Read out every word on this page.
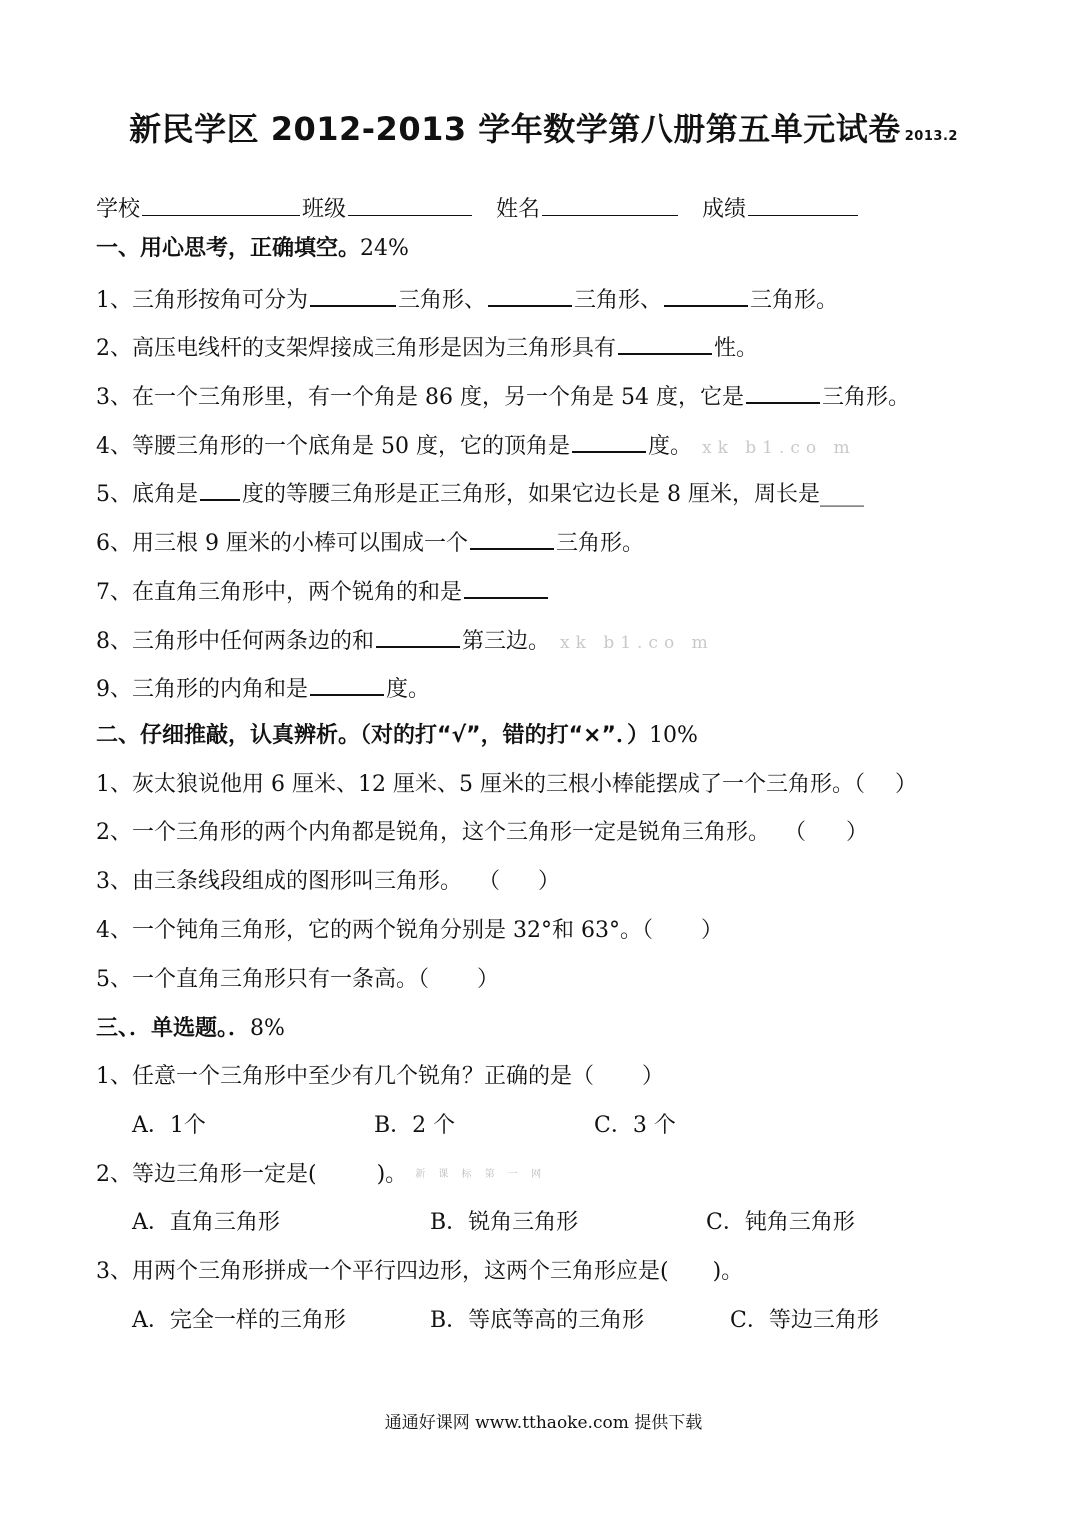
新民学区 2012-2013 学年数学第八册第五单元试卷 2013.2
学校	班级	姓名	成绩
一、用心思考，正确填空。24%
1、三角形按角可分为	三角形、	三角形、	三角形。
2、高压电线杆的支架焊接成三角形是因为三角形具有	性。
3、在一个三角形里，有一个角是 86 度，另一个角是 54 度，它是	三角形。
4、等腰三角形的一个底角是 50 度，它的顶角是	度。 xk b1.co m
5、底角是 度的等腰三角形是正三角形，如果它边长是 8 厘米，周长是____
6、用三根 9 厘米的小棒可以围成一个	三角形。
7、在直角三角形中，两个锐角的和是
8、三角形中任何两条边的和	第三边。 xk b1.co m
9、三角形的内角和是	度。
二、仔细推敲，认真辨析。（对的打“√”，错的打“×”．）10%
1、灰太狼说他用 6 厘米、12 厘米、5 厘米的三根小棒能摆成了一个三角形。（ ）
2、一个三角形的两个内角都是锐角，这个三角形一定是锐角三角形。 （ ）
3、由三条线段组成的图形叫三角形。 （ ）
4、一个钝角三角形，它的两个锐角分别是 32°和 63°。（ ）
5、一个直角三角形只有一条高。（ ）
三、．单选题。．8%
1、任意一个三角形中至少有几个锐角？正确的是（ ）
A．1个	B．2 个	C．3 个
2、等边三角形一定是(	)。 新 课 标 第 一 网
A．直角三角形	B．锐角三角形	C．钝角三角形
3、用两个三角形拼成一个平行四边形，这两个三角形应是( )。
A．完全一样的三角形	B．等底等高的三角形	C．等边三角形
通通好课网 www.tthaoke.com 提供下载
